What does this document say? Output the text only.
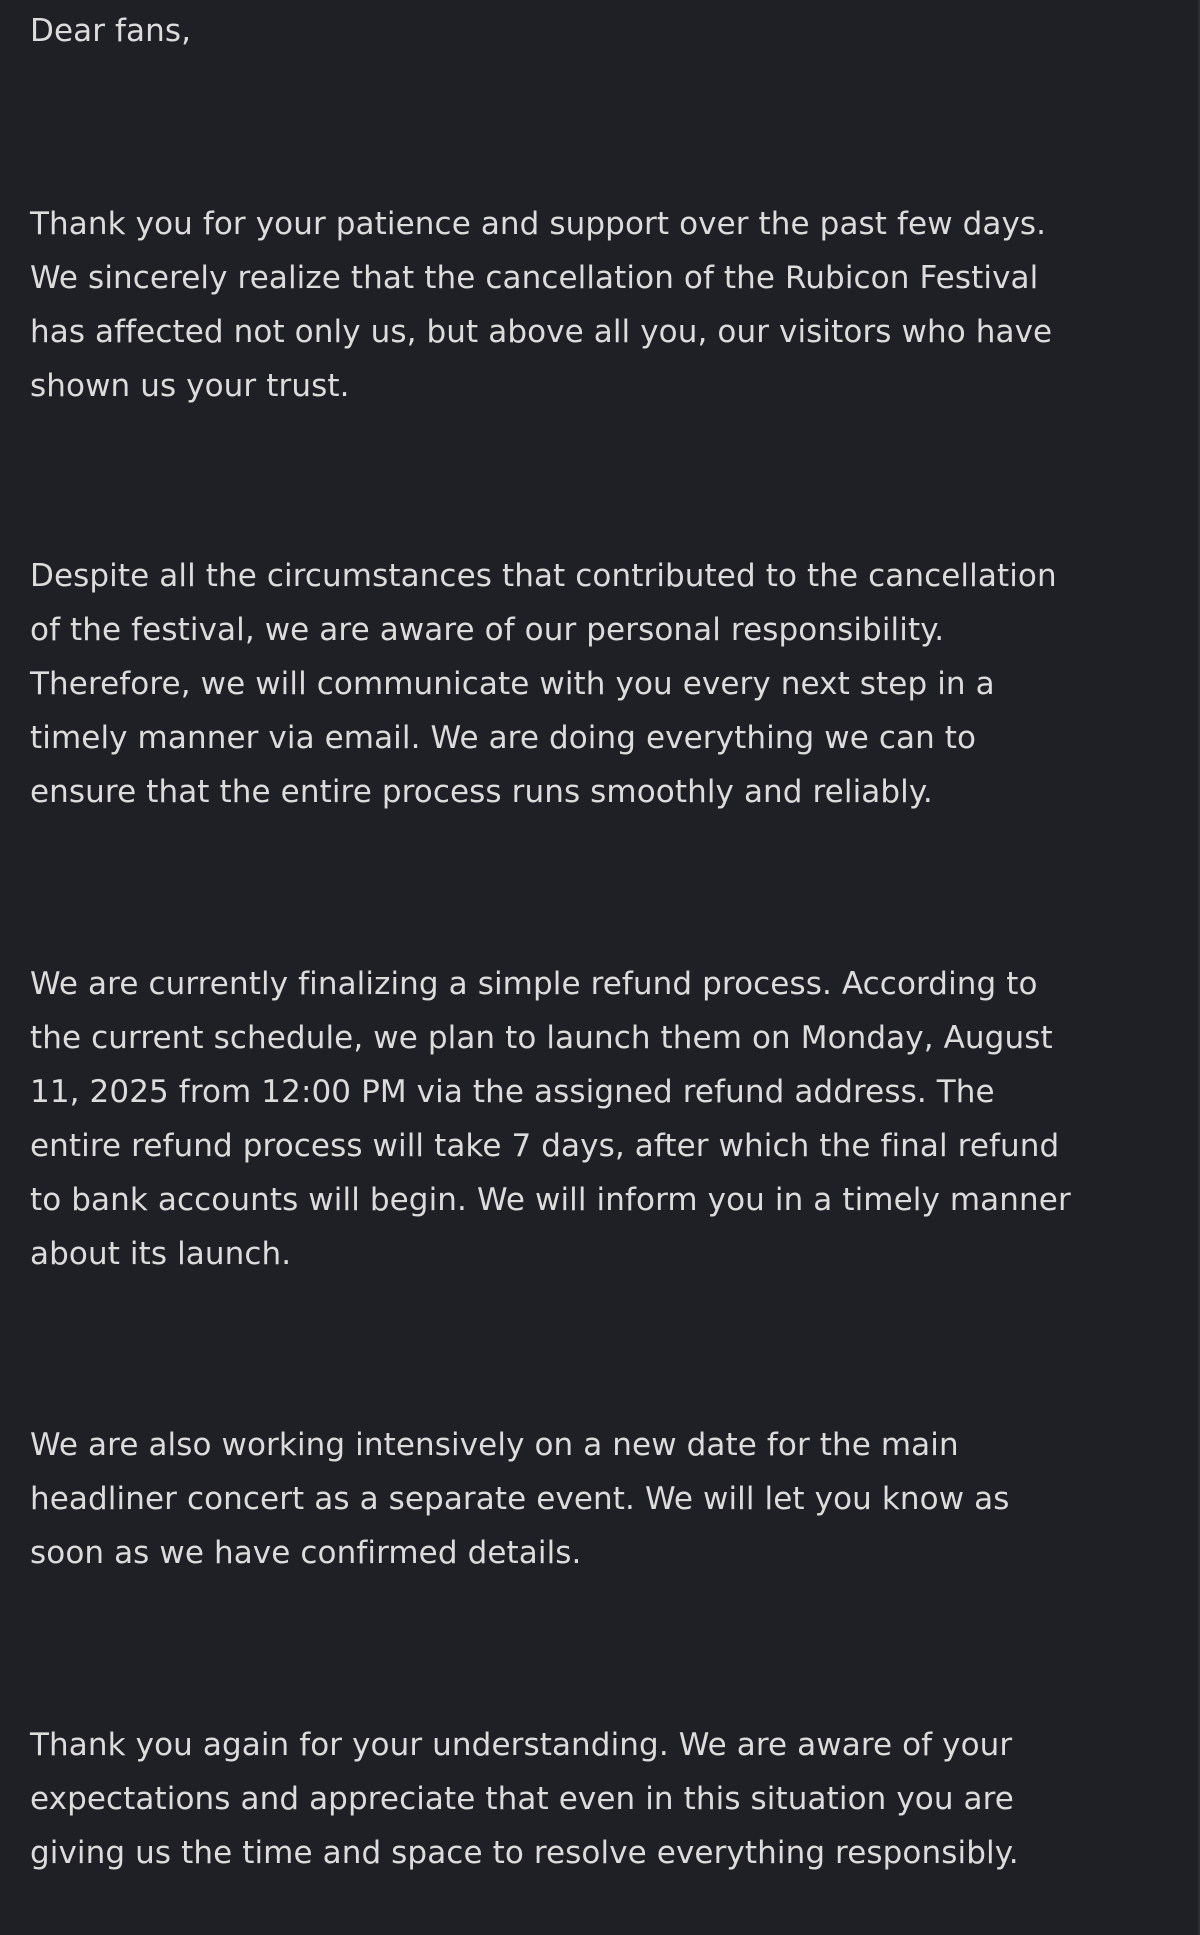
Dear fans,

Thank you for your patience and support over the past few days.
We sincerely realize that the cancellation of the Rubicon Festival
has affected not only us, but above all you, our visitors who have
shown us your trust.

Despite all the circumstances that contributed to the cancellation
of the festival, we are aware of our personal responsibility.
Therefore, we will communicate with you every next step in a
timely manner via email. We are doing everything we can to
ensure that the entire process runs smoothly and reliably.

We are currently finalizing a simple refund process. According to
the current schedule, we plan to launch them on Monday, August
11, 2025 from 12:00 PM via the assigned refund address. The
entire refund process will take 7 days, after which the final refund
to bank accounts will begin. We will inform you in a timely manner
about its launch.

We are also working intensively on a new date for the main
headliner concert as a separate event. We will let you know as
soon as we have confirmed details.

Thank you again for your understanding. We are aware of your
expectations and appreciate that even in this situation you are
giving us the time and space to resolve everything responsibly.
